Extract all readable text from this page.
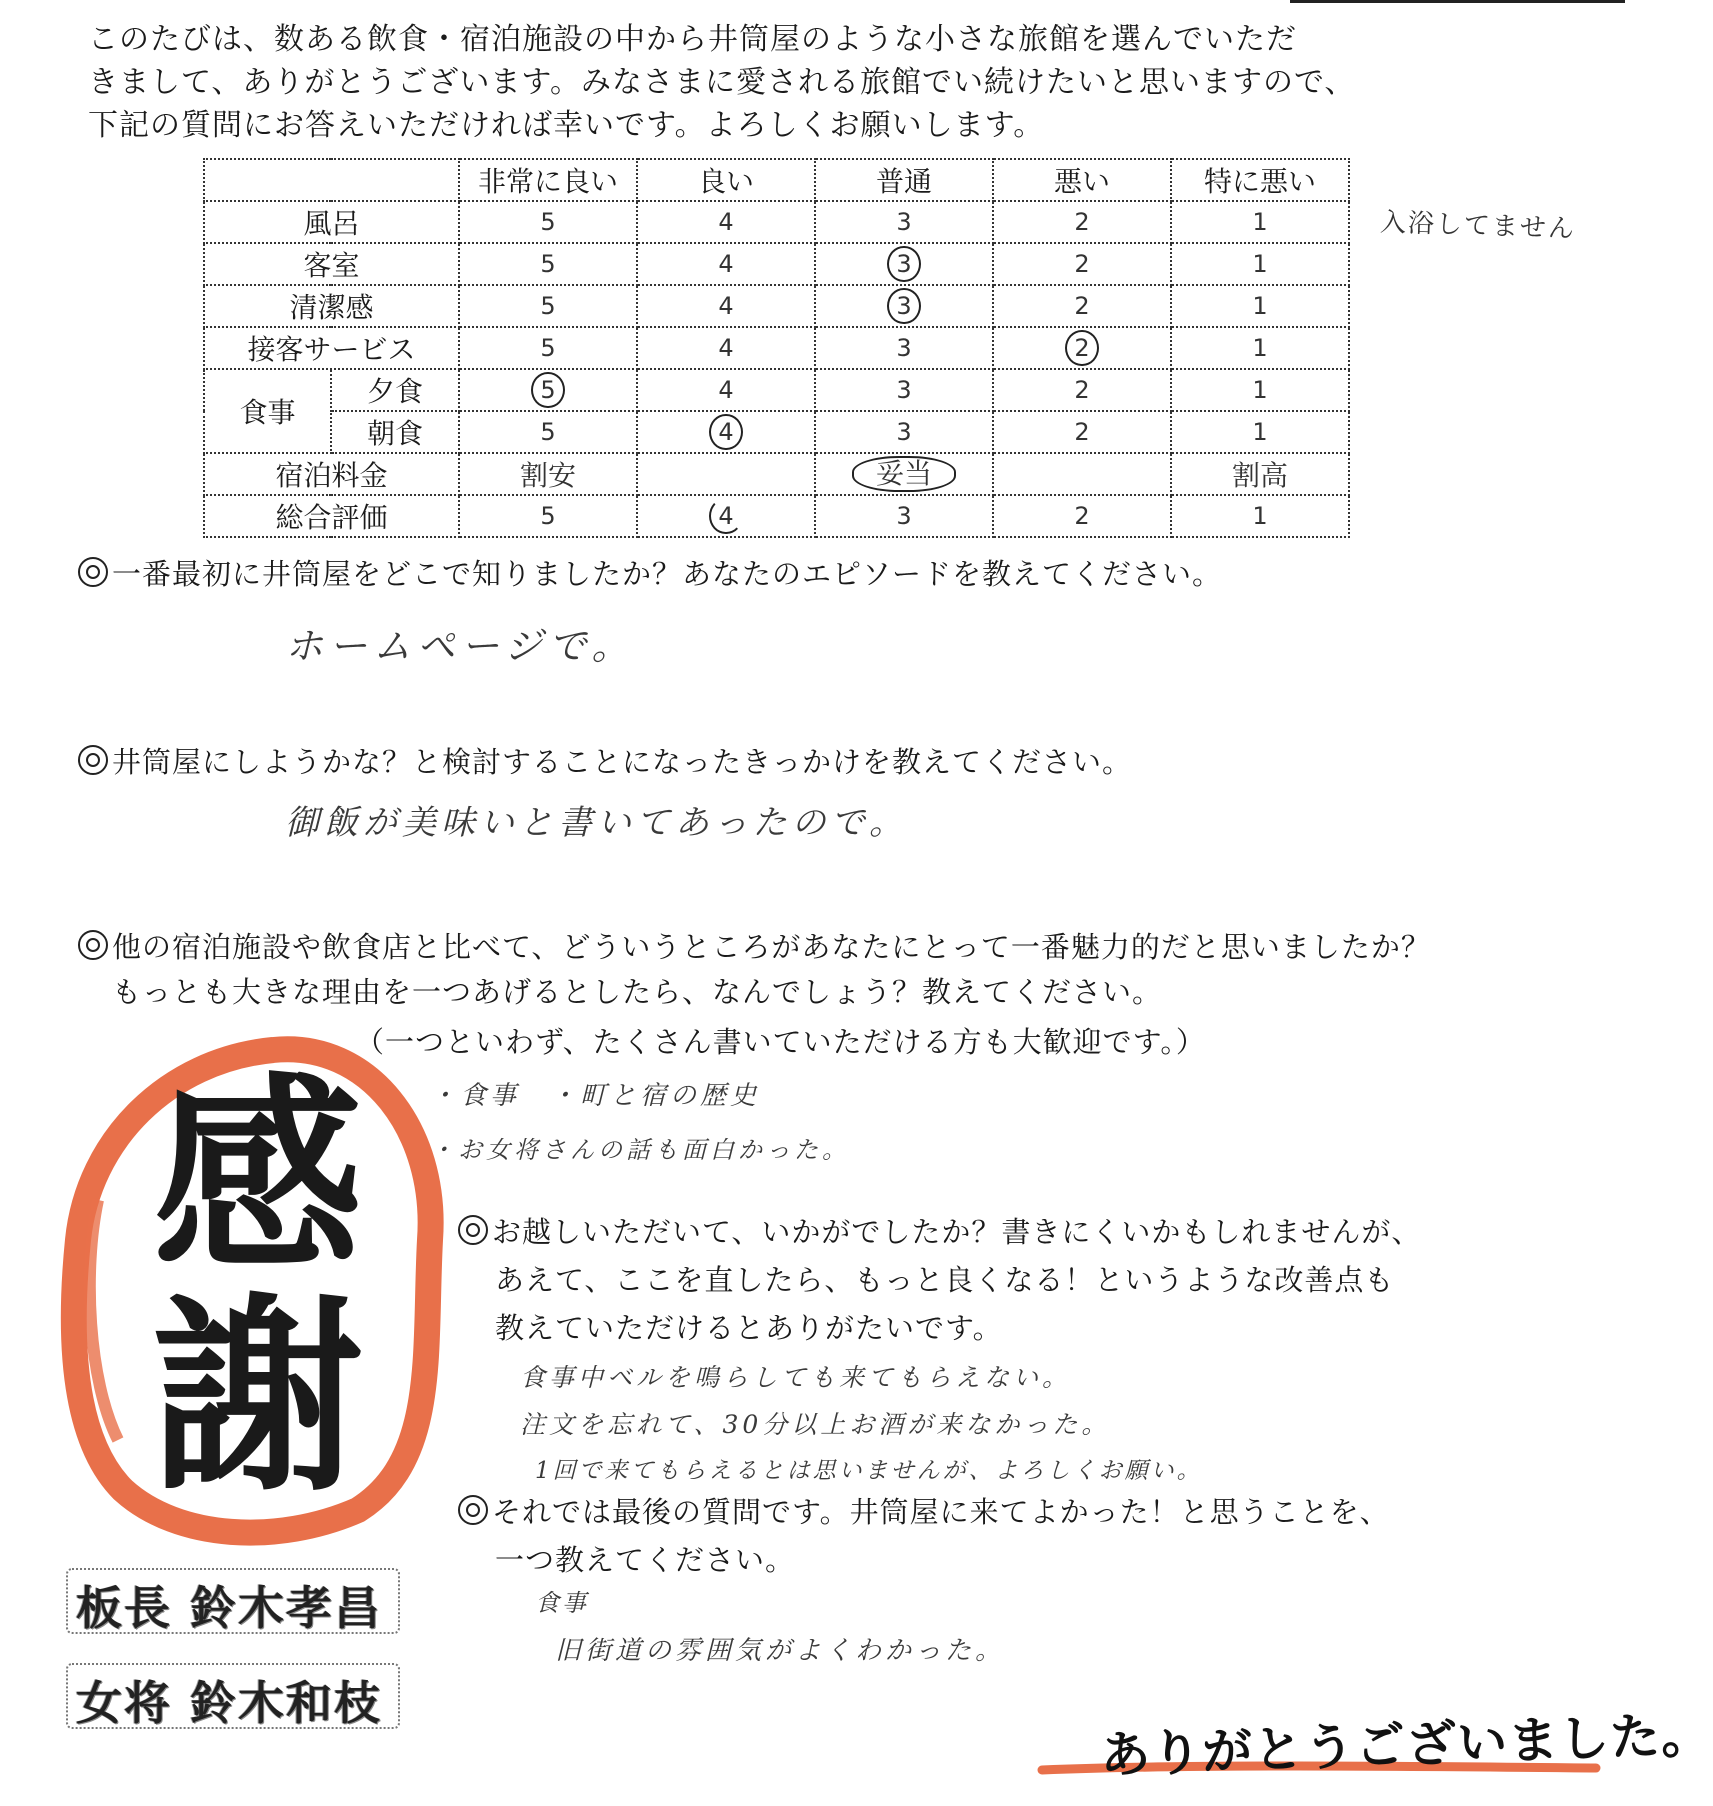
このたびは、数ある飲食・宿泊施設の中から井筒屋のような小さな旅館を選んでいただ
きまして、ありがとうございます。みなさまに愛される旅館でい続けたいと思いますので、
下記の質問にお答えいただければ幸いです。よろしくお願いします。
		非常に良い	良い	普通	悪い	特に悪い
風呂		5	4	3	2	1
客室		5	4	3	2	1
清潔感		5	4	3	2	1
接客サービス		5	4	3	2	1
食事	夕食	5	4	3	2	1
	朝食	5	4	3	2	1
宿泊料金		割安		妥当		割高
総合評価		5	4	3	2	1
入浴してません
一番最初に井筒屋をどこで知りましたか？あなたのエピソードを教えてください。
ホームページで。
井筒屋にしようかな？と検討することになったきっかけを教えてください。
御飯が美味いと書いてあったので。
他の宿泊施設や飲食店と比べて、どういうところがあなたにとって一番魅力的だと思いましたか？
もっとも大きな理由を一つあげるとしたら、なんでしょう？教えてください。
（一つといわず、たくさん書いていただける方も大歓迎です。）
・食事　・町と宿の歴史
・お女将さんの話も面白かった。
感
謝
お越しいただいて、いかがでしたか？書きにくいかもしれませんが、
あえて、ここを直したら、もっと良くなる！というような改善点も
教えていただけるとありがたいです。
食事中ベルを鳴らしても来てもらえない。
注文を忘れて、30分以上お酒が来なかった。
1回で来てもらえるとは思いませんが、よろしくお願い。
それでは最後の質問です。井筒屋に来てよかった！と思うことを、
一つ教えてください。
食事
旧街道の雰囲気がよくわかった。
板長 鈴木孝昌
女将 鈴木和枝
ありがとうございました。
